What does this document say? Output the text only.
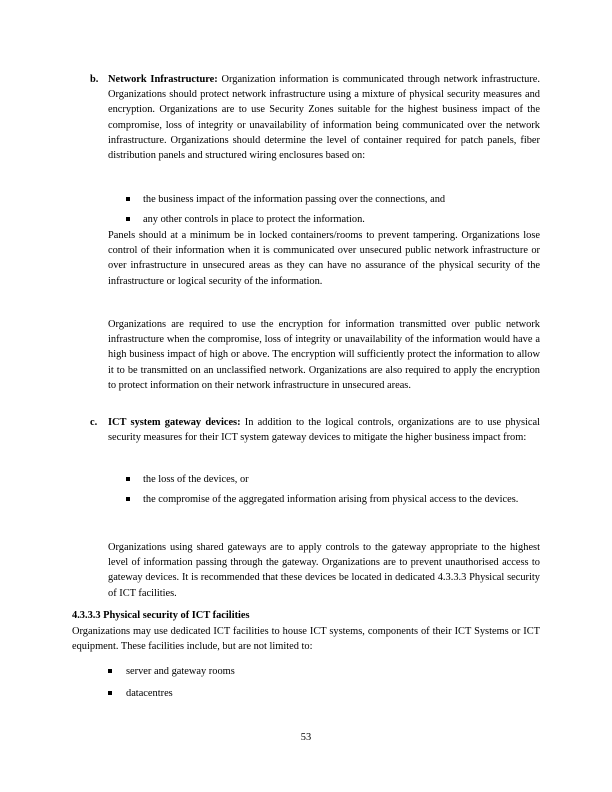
b. Network Infrastructure: Organization information is communicated through network infrastructure. Organizations should protect network infrastructure using a mixture of physical security measures and encryption. Organizations are to use Security Zones suitable for the highest business impact of the compromise, loss of integrity or unavailability of information being communicated over the network infrastructure. Organizations should determine the level of container required for patch panels, fiber distribution panels and structured wiring enclosures based on:
the business impact of the information passing over the connections, and
any other controls in place to protect the information.
Panels should at a minimum be in locked containers/rooms to prevent tampering. Organizations lose control of their information when it is communicated over unsecured public network infrastructure or over infrastructure in unsecured areas as they can have no assurance of the physical security of the infrastructure or logical security of the information.
Organizations are required to use the encryption for information transmitted over public network infrastructure when the compromise, loss of integrity or unavailability of the information would have a high business impact of high or above. The encryption will sufficiently protect the information to allow it to be transmitted on an unclassified network. Organizations are also required to apply the encryption to protect information on their network infrastructure in unsecured areas.
c. ICT system gateway devices: In addition to the logical controls, organizations are to use physical security measures for their ICT system gateway devices to mitigate the higher business impact from:
the loss of the devices, or
the compromise of the aggregated information arising from physical access to the devices.
Organizations using shared gateways are to apply controls to the gateway appropriate to the highest level of information passing through the gateway. Organizations are to prevent unauthorised access to gateway devices. It is recommended that these devices be located in dedicated 4.3.3.3 Physical security of ICT facilities.
4.3.3.3 Physical security of ICT facilities
Organizations may use dedicated ICT facilities to house ICT systems, components of their ICT Systems or ICT equipment. These facilities include, but are not limited to:
server and gateway rooms
datacentres
53
